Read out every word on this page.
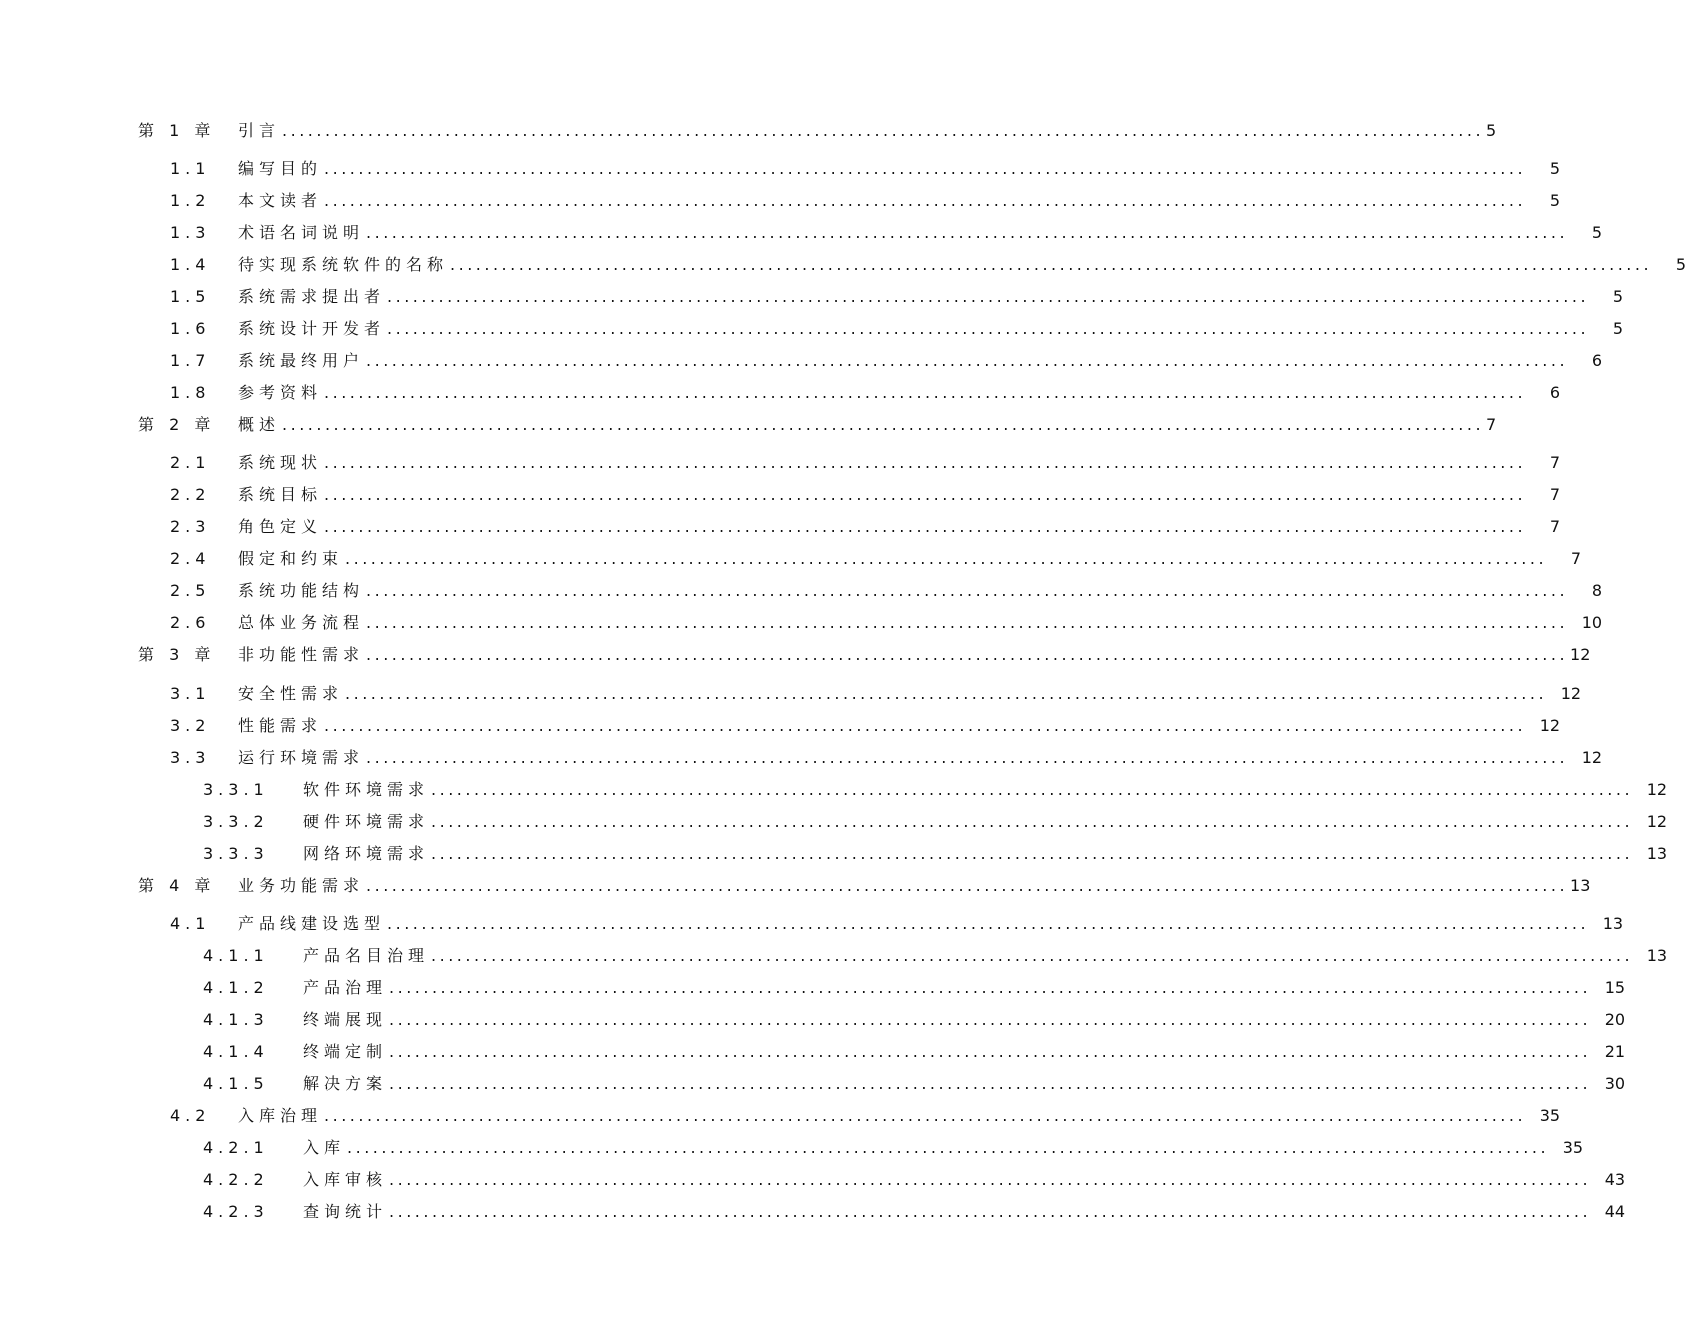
第 1 章	引言 ............................................................................................................................................ 5
1.1	编写目的 ............................................................................................................................................	5
1.2	本文读者 ............................................................................................................................................	5
1.3	术语名词说明 ............................................................................................................................................	5
1.4	待实现系统软件的名称 ............................................................................................................................................	5
1.5	系统需求提出者 ............................................................................................................................................	5
1.6	系统设计开发者 ............................................................................................................................................	5
1.7	系统最终用户 ............................................................................................................................................	6
1.8	参考资料 ............................................................................................................................................	6
第 2 章	概述 ............................................................................................................................................ 7
2.1	系统现状 ............................................................................................................................................	7
2.2	系统目标 ............................................................................................................................................	7
2.3	角色定义 ............................................................................................................................................	7
2.4	假定和约束 ............................................................................................................................................	7
2.5	系统功能结构 ............................................................................................................................................	8
2.6	总体业务流程 ............................................................................................................................................ 10
第 3 章	非功能性需求 ............................................................................................................................................ 12
3.1	安全性需求 ............................................................................................................................................ 12
3.2	性能需求 ............................................................................................................................................ 12
3.3	运行环境需求 ............................................................................................................................................ 12
3.3.1	软件环境需求 ............................................................................................................................................ 12
3.3.2	硬件环境需求 ............................................................................................................................................ 12
3.3.3	网络环境需求 ............................................................................................................................................ 13
第 4 章	业务功能需求 ............................................................................................................................................ 13
4.1	产品线建设选型 ............................................................................................................................................ 13
4.1.1	产品名目治理 ............................................................................................................................................ 13
4.1.2	产品治理 ............................................................................................................................................ 15
4.1.3	终端展现 ............................................................................................................................................ 20
4.1.4	终端定制 ............................................................................................................................................ 21
4.1.5	解决方案 ............................................................................................................................................ 30
4.2	入库治理 ............................................................................................................................................ 35
4.2.1	入库 ............................................................................................................................................ 35
4.2.2	入库审核 ............................................................................................................................................ 43
4.2.3	查询统计 ............................................................................................................................................ 44
